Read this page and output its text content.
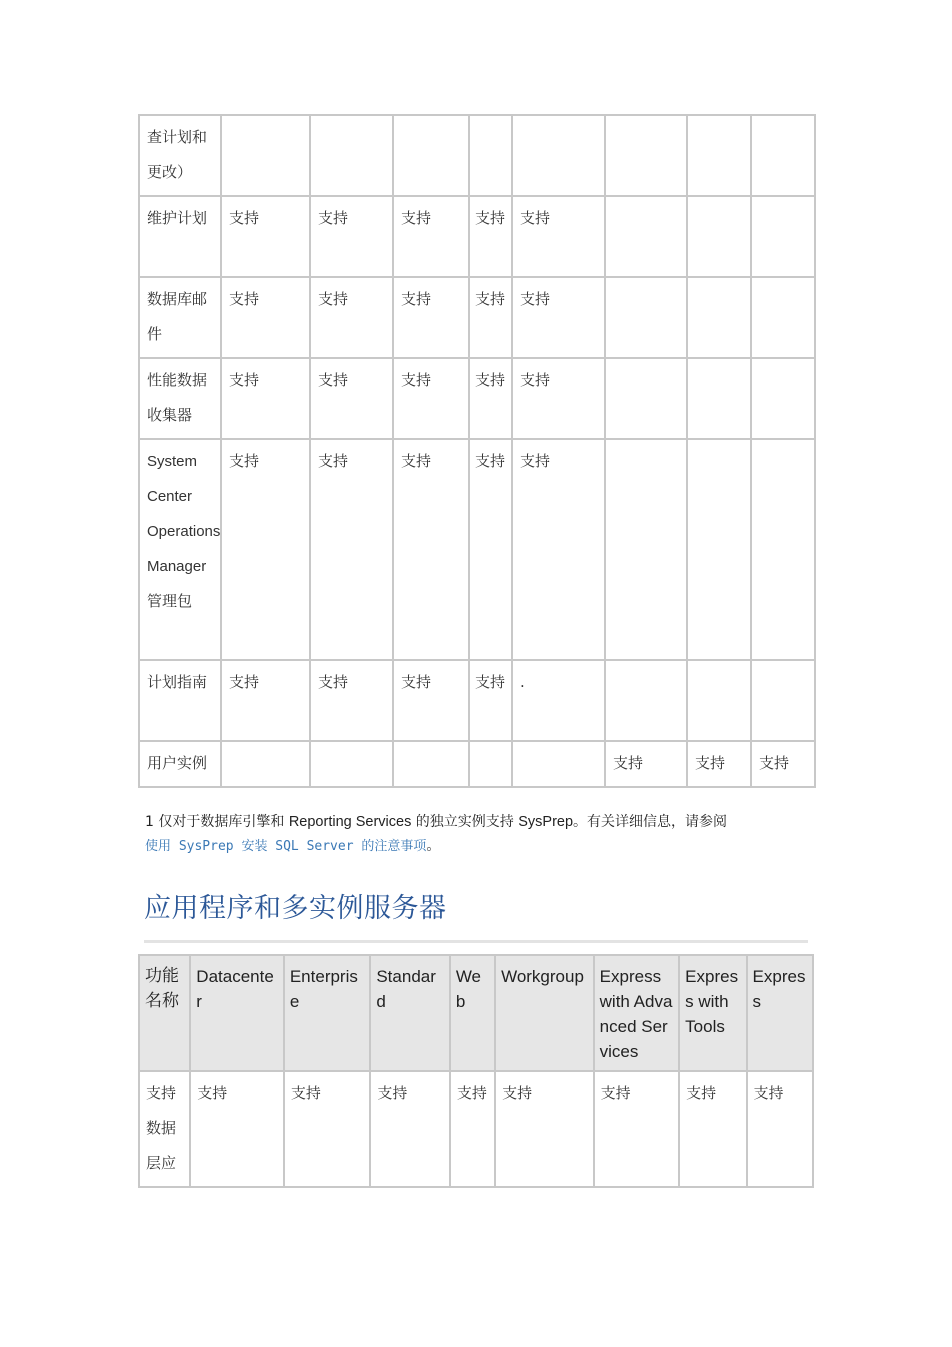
查计划和更改）								
维护计划	支持	支持	支持	支持	支持			
数据库邮件	支持	支持	支持	支持	支持			
性能数据收集器	支持	支持	支持	支持	支持			
System Center Operations Manager 管理包	支持	支持	支持	支持	支持			
计划指南	支持	支持	支持	支持	.			
用户实例						支持	支持	支持
1 仅对于数据库引擎和 Reporting Services 的独立实例支持 SysPrep。有关详细信息，请参阅
使用 SysPrep 安装 SQL Server 的注意事项。
应用程序和多实例服务器
功能名称	Datacenter	Enterprise	Standard	Web	Workgroup	Express with Advanced Services	Express with Tools	Express
支持数据层应	支持	支持	支持	支持	支持	支持	支持	支持
